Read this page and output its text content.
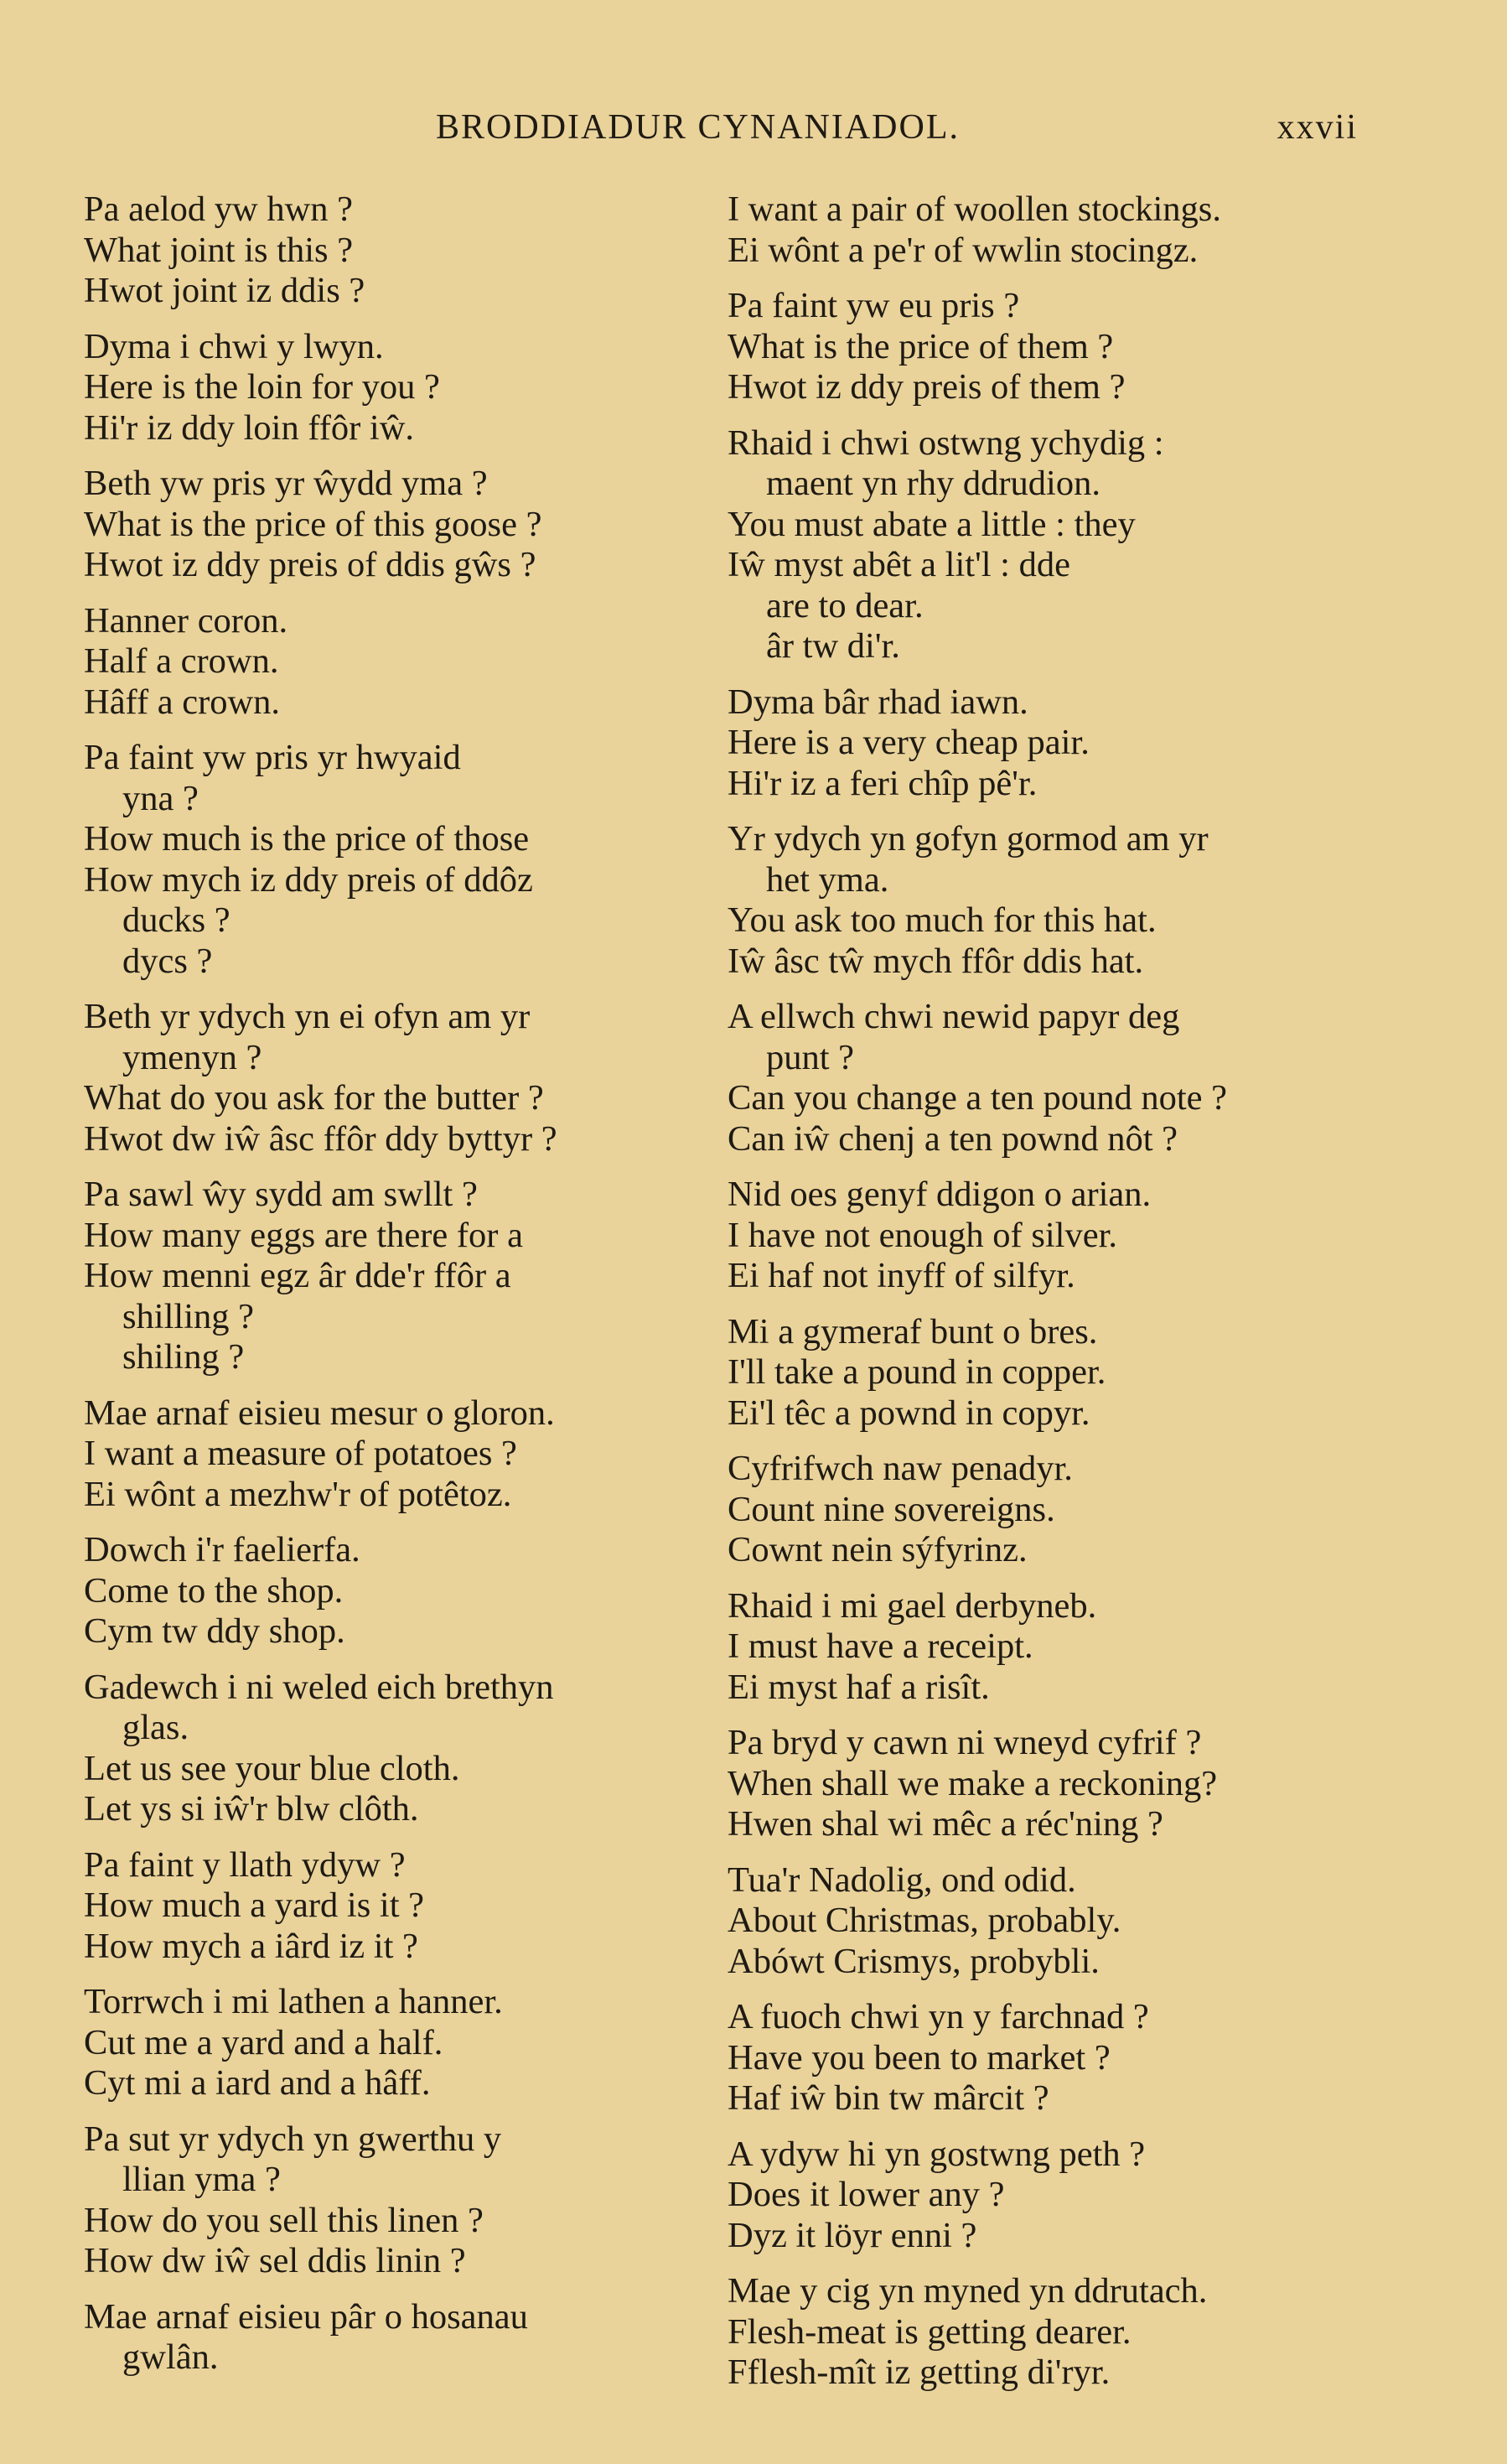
BRODDIADUR CYNANIADOL.	xxvii
Pa aelod yw hwn ?
What joint is this ?
Hwot joint iz ddis ?
Dyma i chwi y lwyn.
Here is the loin for you ?
Hi'r iz ddy loin ffôr iŵ.
Beth yw pris yr ŵydd yma ?
What is the price of this goose ?
Hwot iz ddy preis of ddis gŵs ?
Hanner coron.
Half a crown.
Hâff a crown.
Pa faint yw pris yr hwyaid
yna ?
How much is the price of those
How mych iz ddy preis of ddôz
ducks ?
dycs ?
Beth yr ydych yn ei ofyn am yr
ymenyn ?
What do you ask for the butter ?
Hwot dw iŵ âsc ffôr ddy byttyr ?
Pa sawl ŵy sydd am swllt ?
How many eggs are there for a
How menni egz âr dde'r ffôr a
shilling ?
shiling ?
Mae arnaf eisieu mesur o gloron.
I want a measure of potatoes ?
Ei wônt a mezhw'r of potêtoz.
Dowch i'r faelierfa.
Come to the shop.
Cym tw ddy shop.
Gadewch i ni weled eich brethyn
glas.
Let us see your blue cloth.
Let ys si iŵ'r blw clôth.
Pa faint y llath ydyw ?
How much a yard is it ?
How mych a iârd iz it ?
Torrwch i mi lathen a hanner.
Cut me a yard and a half.
Cyt mi a iard and a hâff.
Pa sut yr ydych yn gwerthu y
llian yma ?
How do you sell this linen ?
How dw iŵ sel ddis linin ?
Mae arnaf eisieu pâr o hosanau
gwlân.
I want a pair of woollen stockings.
Ei wônt a pe'r of wwlin stocingz.
Pa faint yw eu pris ?
What is the price of them ?
Hwot iz ddy preis of them ?
Rhaid i chwi ostwng ychydig :
maent yn rhy ddrudion.
You must abate a little : they
Iŵ myst abêt a lit'l : dde
are to dear.
âr tw di'r.
Dyma bâr rhad iawn.
Here is a very cheap pair.
Hi'r iz a feri chîp pê'r.
Yr ydych yn gofyn gormod am yr
het yma.
You ask too much for this hat.
Iŵ âsc tŵ mych ffôr ddis hat.
A ellwch chwi newid papyr deg
punt ?
Can you change a ten pound note ?
Can iŵ chenj a ten pownd nôt ?
Nid oes genyf ddigon o arian.
I have not enough of silver.
Ei haf not inyff of silfyr.
Mi a gymeraf bunt o bres.
I'll take a pound in copper.
Ei'l têc a pownd in copyr.
Cyfrifwch naw penadyr.
Count nine sovereigns.
Cownt nein sýfyrinz.
Rhaid i mi gael derbyneb.
I must have a receipt.
Ei myst haf a risît.
Pa bryd y cawn ni wneyd cyfrif ?
When shall we make a reckoning?
Hwen shal wi mêc a réc'ning ?
Tua'r Nadolig, ond odid.
About Christmas, probably.
Abówt Crismys, probybli.
A fuoch chwi yn y farchnad ?
Have you been to market ?
Haf iŵ bin tw mârcit ?
A ydyw hi yn gostwng peth ?
Does it lower any ?
Dyz it löyr enni ?
Mae y cig yn myned yn ddrutach.
Flesh-meat is getting dearer.
Fflesh-mît iz getting di'ryr.
